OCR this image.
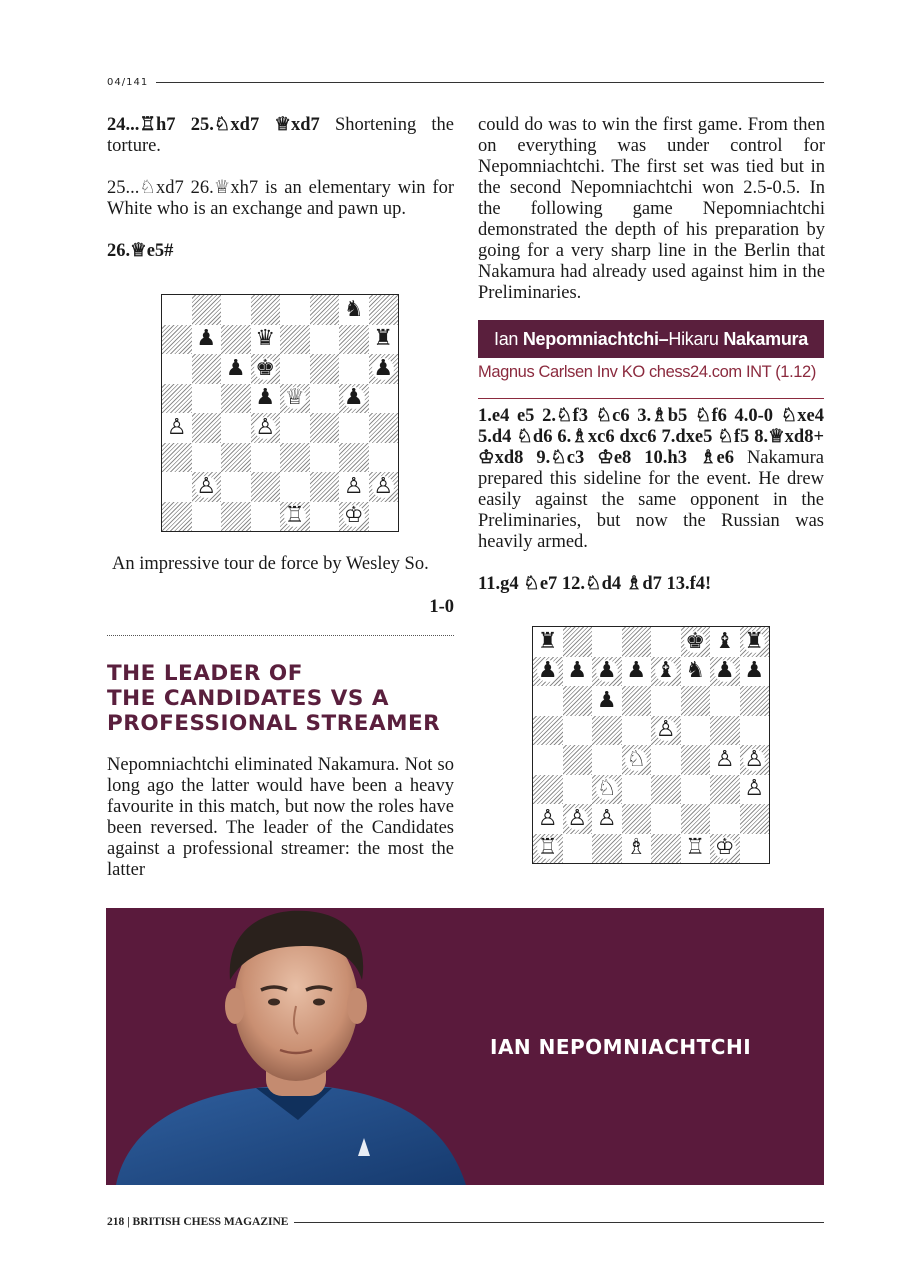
04/141

24...♖h7 25.♘xd7 ♕xd7 Shortening the torture.

25...♘xd7 26.♕xh7 is an elementary win for White who is an exchange and pawn up.

26.♕e5#

♞
♟ ♛	♜
♟ ♚	♟
♟ ♕ ♟
♙	♙
♙	♙ ♙
♖ ♔

An impressive tour de force by Wesley So.

1-0

THE LEADER OF
THE CANDIDATES VS A
PROFESSIONAL STREAMER

Nepomniachtchi eliminated Nakamura. Not so long ago the latter would have been a heavy favourite in this match, but now the roles have been reversed. The leader of the Candidates against a professional streamer: the most the latter

could do was to win the first game. From then on everything was under control for Nepomniachtchi. The first set was tied but in the second Nepomniachtchi won 2.5-0.5. In the following game Nepomniachtchi demonstrated the depth of his preparation by going for a very sharp line in the Berlin that Nakamura had already used against him in the Preliminaries.

Ian
Nepomniachtchi – Hikaru
Nakamura
Magnus Carlsen Inv KO chess24.com INT (1.12)

1.e4 e5 2.♘f3 ♘c6 3.♗b5 ♘f6 4.0-0 ♘xe4 5.d4 ♘d6 6.♗xc6 dxc6 7.dxe5 ♘f5 8.♕xd8+ ♔xd8 9.♘c3 ♔e8 10.h3 ♗e6 Nakamura prepared this sideline for the event. He drew easily against the same opponent in the Preliminaries, but now the Russian was heavily armed.

11.g4 ♘e7 12.♘d4 ♗d7 13.f4!

♜	♚ ♝ ♜
♟ ♟ ♟ ♟ ♝ ♞ ♟ ♟
♟
♙
♘	♙ ♙
♘	♙
♙ ♙ ♙
♖	♗ ♖ ♔
IAN NEPOMNIACHTCHI
218 | BRITISH CHESS MAGAZINE
